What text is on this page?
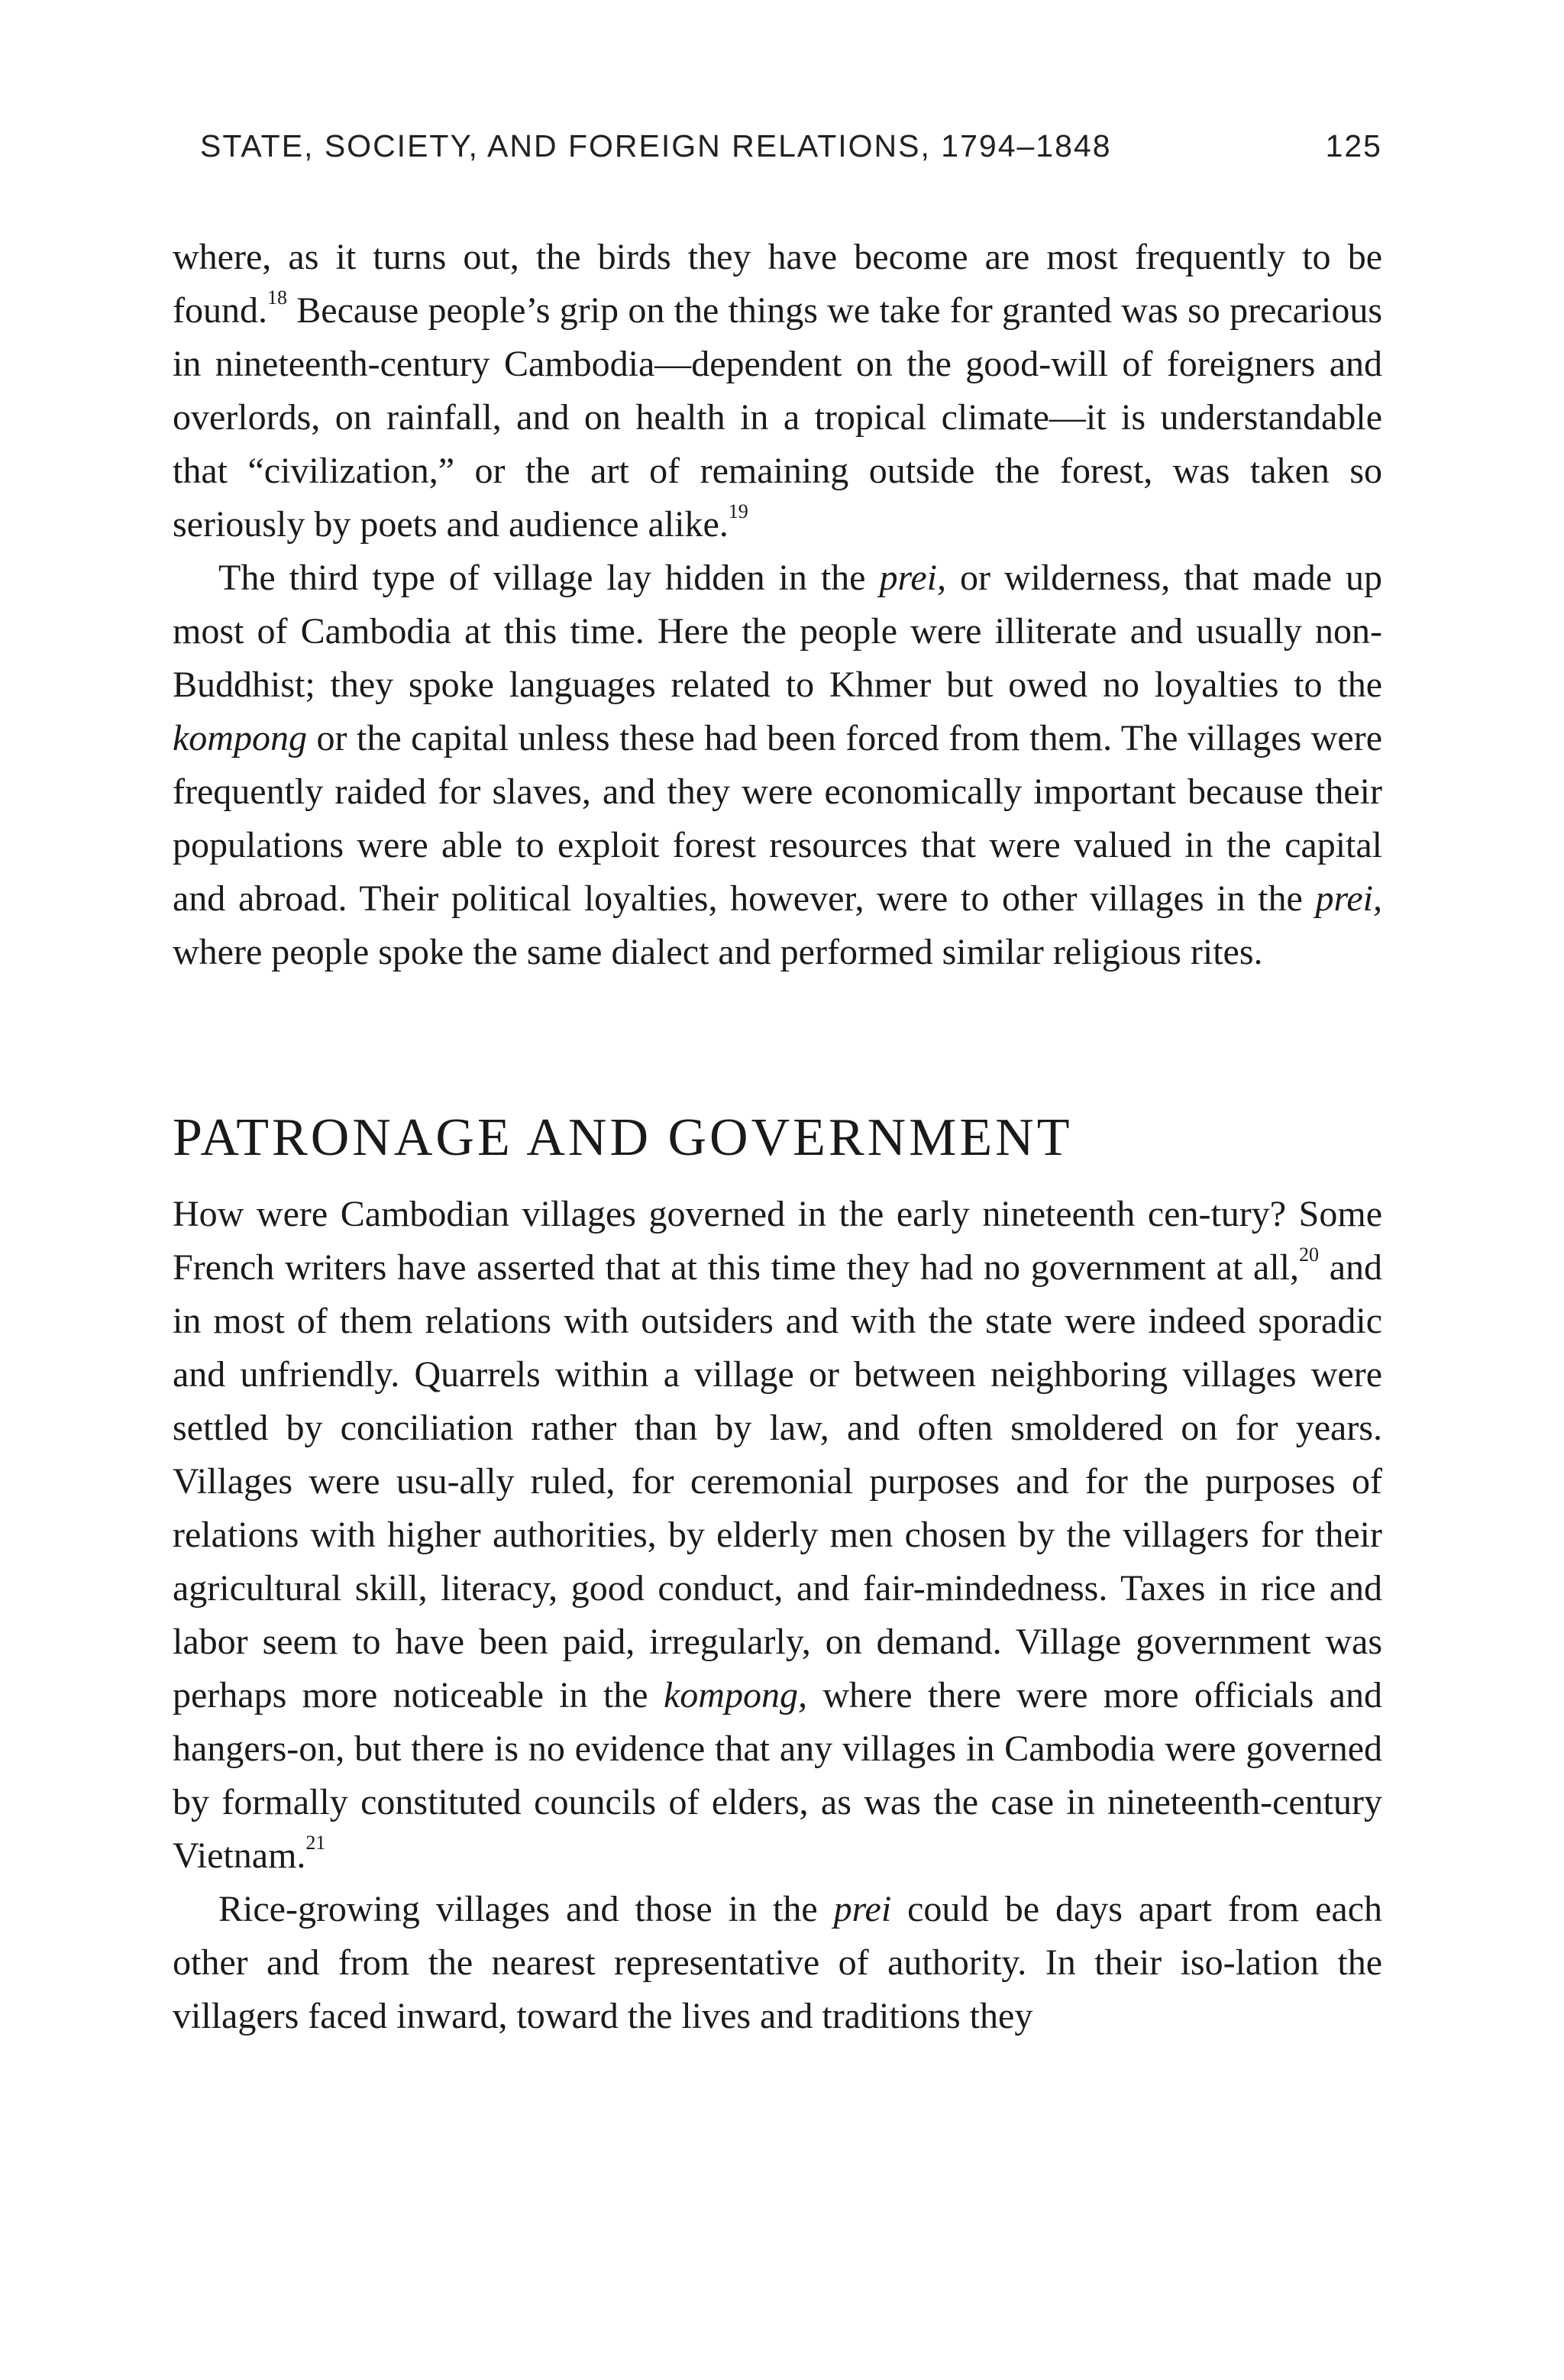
STATE, SOCIETY, AND FOREIGN RELATIONS, 1794–1848	125

where, as it turns out, the birds they have become are most frequently to be found.$^{18}$ Because people’s grip on the things we take for granted was so precarious in nineteenth-century Cambodia—dependent on the good-will of foreigners and overlords, on rainfall, and on health in a tropical climate—it is understandable that “civilization,” or the art of remaining outside the forest, was taken so seriously by poets and audience alike.$^{19}$

The third type of village lay hidden in the prei, or wilderness, that made up most of Cambodia at this time. Here the people were illiterate and usually non-Buddhist; they spoke languages related to Khmer but owed no loyalties to the kompong or the capital unless these had been forced from them. The villages were frequently raided for slaves, and they were economically important because their populations were able to exploit forest resources that were valued in the capital and abroad. Their political loyalties, however, were to other villages in the prei, where people spoke the same dialect and performed similar religious rites.

PATRONAGE AND GOVERNMENT

How were Cambodian villages governed in the early nineteenth cen-tury? Some French writers have asserted that at this time they had no government at all,$^{20}$ and in most of them relations with outsiders and with the state were indeed sporadic and unfriendly. Quarrels within a village or between neighboring villages were settled by conciliation rather than by law, and often smoldered on for years. Villages were usu-ally ruled, for ceremonial purposes and for the purposes of relations with higher authorities, by elderly men chosen by the villagers for their agricultural skill, literacy, good conduct, and fair-mindedness. Taxes in rice and labor seem to have been paid, irregularly, on demand. Village government was perhaps more noticeable in the kompong, where there were more officials and hangers-on, but there is no evidence that any villages in Cambodia were governed by formally constituted councils of elders, as was the case in nineteenth-century Vietnam.$^{21}$

Rice-growing villages and those in the prei could be days apart from each other and from the nearest representative of authority. In their iso-lation the villagers faced inward, toward the lives and traditions they
